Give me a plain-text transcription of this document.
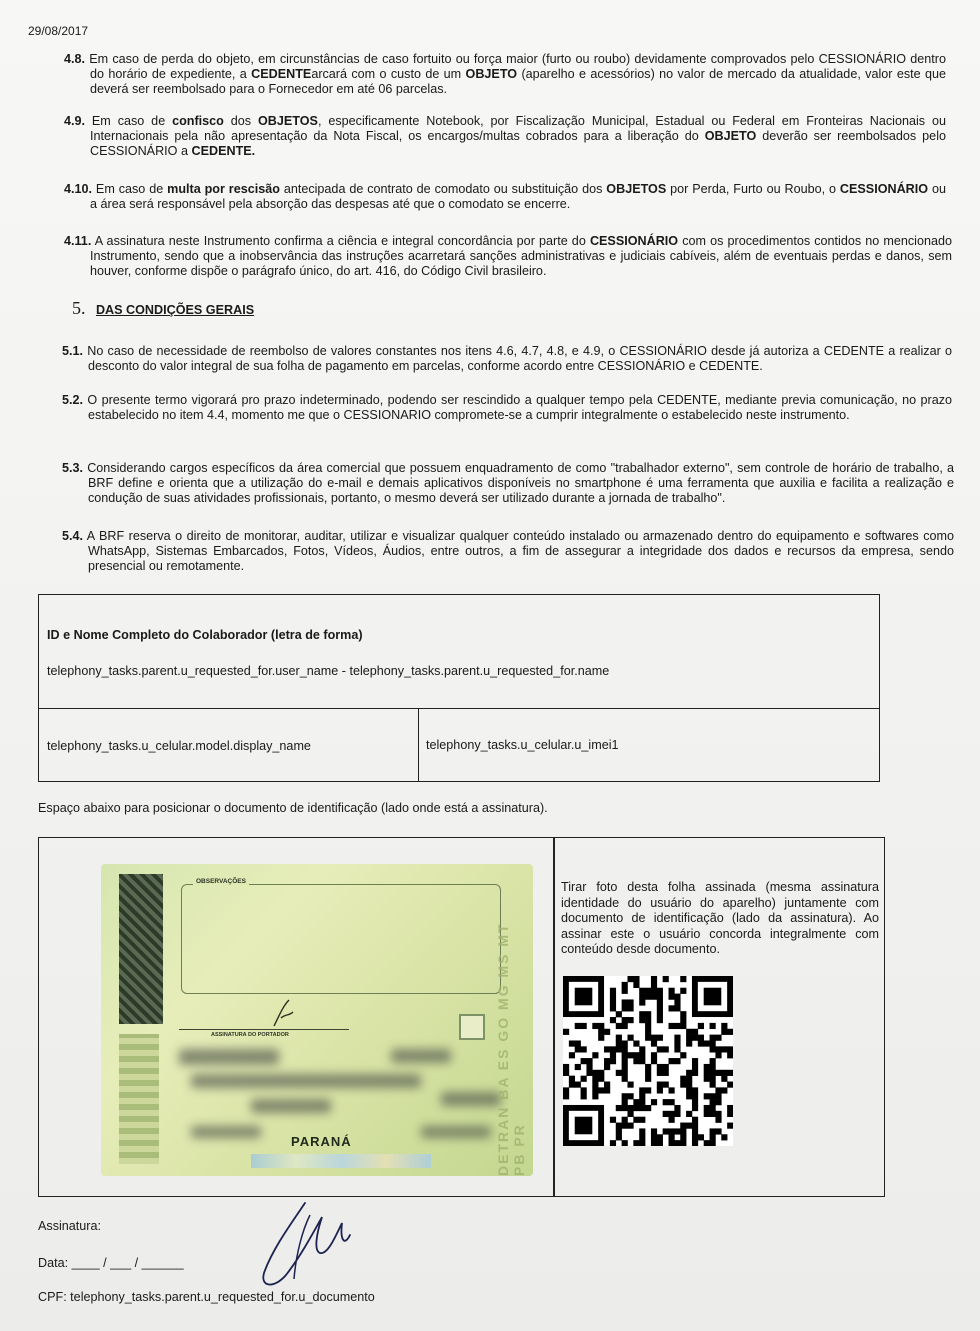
29/08/2017
4.8. Em caso de perda do objeto, em circunstâncias de caso fortuito ou força maior (furto ou roubo) devidamente comprovados pelo CESSIONÁRIO dentro do horário de expediente, a CEDENTEarcará com o custo de um OBJETO (aparelho e acessórios) no valor de mercado da atualidade, valor este que deverá ser reembolsado para o Fornecedor em até 06 parcelas.
4.9. Em caso de confisco dos OBJETOS, especificamente Notebook, por Fiscalização Municipal, Estadual ou Federal em Fronteiras Nacionais ou Internacionais pela não apresentação da Nota Fiscal, os encargos/multas cobrados para a liberação do OBJETO deverão ser reembolsados pelo CESSIONÁRIO a CEDENTE.
4.10. Em caso de multa por rescisão antecipada de contrato de comodato ou substituição dos OBJETOS por Perda, Furto ou Roubo, o CESSIONÁRIO ou a área será responsável pela absorção das despesas até que o comodato se encerre.
4.11. A assinatura neste Instrumento confirma a ciência e integral concordância por parte do CESSIONÁRIO com os procedimentos contidos no mencionado Instrumento, sendo que a inobservância das instruções acarretará sanções administrativas e judiciais cabíveis, além de eventuais perdas e danos, sem houver, conforme dispõe o parágrafo único, do art. 416, do Código Civil brasileiro.
5. DAS CONDIÇÕES GERAIS
5.1. No caso de necessidade de reembolso de valores constantes nos itens 4.6, 4.7, 4.8, e 4.9, o CESSIONÁRIO desde já autoriza a CEDENTE a realizar o desconto do valor integral de sua folha de pagamento em parcelas, conforme acordo entre CESSIONÁRIO e CEDENTE.
5.2. O presente termo vigorará pro prazo indeterminado, podendo ser rescindido a qualquer tempo pela CEDENTE, mediante previa comunicação, no prazo estabelecido no item 4.4, momento me que o CESSIONARIO compromete-se a cumprir integralmente o estabelecido neste instrumento.
5.3. Considerando cargos específicos da área comercial que possuem enquadramento de como "trabalhador externo", sem controle de horário de trabalho, a BRF define e orienta que a utilização do e-mail e demais aplicativos disponíveis no smartphone é uma ferramenta que auxilia e facilita a realização e condução de suas atividades profissionais, portanto, o mesmo deverá ser utilizado durante a jornada de trabalho".
5.4. A BRF reserva o direito de monitorar, auditar, utilizar e visualizar qualquer conteúdo instalado ou armazenado dentro do equipamento e softwares como WhatsApp, Sistemas Embarcados, Fotos, Vídeos, Áudios, entre outros, a fim de assegurar a integridade dos dados e recursos da empresa, sendo presencial ou remotamente.
ID e Nome Completo do Colaborador (letra de forma)
telephony_tasks.parent.u_requested_for.user_name - telephony_tasks.parent.u_requested_for.name
telephony_tasks.u_celular.model.display_name	telephony_tasks.u_celular.u_imei1
Espaço abaixo para posicionar o documento de identificação (lado onde está a assinatura).
OBSERVAÇÕES
ASSINATURA DO PORTADOR
PARANÁ	DETRAN BA ES GO MG MS MT PB PR
Tirar foto desta folha assinada (mesma assinatura identidade do usuário do aparelho) juntamente com documento de identificação (lado da assinatura). Ao assinar este o usuário concorda integralmente com conteúdo desde documento.
Assinatura:
Data: ____ / ___ / ______
CPF: telephony_tasks.parent.u_requested_for.u_documento
